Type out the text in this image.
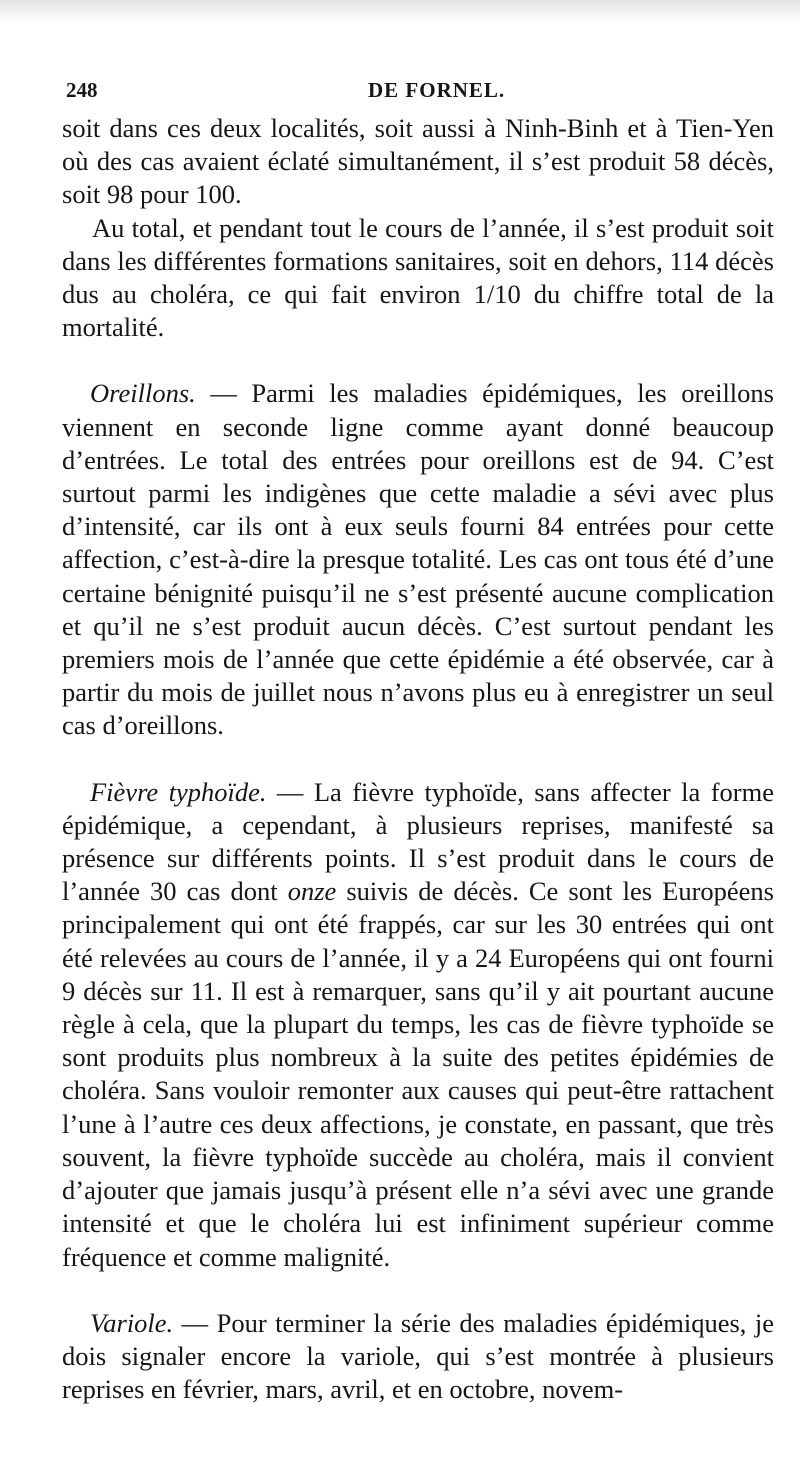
248	DE FORNEL.

soit dans ces deux localités, soit aussi à Ninh-Binh et à Tien-Yen où des cas avaient éclaté simultanément, il s’est produit 58 décès, soit 98 pour 100.

Au total, et pendant tout le cours de l’année, il s’est produit soit dans les différentes formations sanitaires, soit en dehors, 114 décès dus au choléra, ce qui fait environ 1/10 du chiffre total de la mortalité.

Oreillons. — Parmi les maladies épidémiques, les oreillons viennent en seconde ligne comme ayant donné beaucoup d’entrées. Le total des entrées pour oreillons est de 94. C’est surtout parmi les indigènes que cette maladie a sévi avec plus d’intensité, car ils ont à eux seuls fourni 84 entrées pour cette affection, c’est-à-dire la presque totalité. Les cas ont tous été d’une certaine bénignité puisqu’il ne s’est présenté aucune complication et qu’il ne s’est produit aucun décès. C’est surtout pendant les premiers mois de l’année que cette épidémie a été observée, car à partir du mois de juillet nous n’avons plus eu à enregistrer un seul cas d’oreillons.

Fièvre typhoïde. — La fièvre typhoïde, sans affecter la forme épidémique, a cependant, à plusieurs reprises, manifesté sa présence sur différents points. Il s’est produit dans le cours de l’année 30 cas dont onze suivis de décès. Ce sont les Européens principalement qui ont été frappés, car sur les 30 entrées qui ont été relevées au cours de l’année, il y a 24 Européens qui ont fourni 9 décès sur 11. Il est à remarquer, sans qu’il y ait pourtant aucune règle à cela, que la plupart du temps, les cas de fièvre typhoïde se sont produits plus nombreux à la suite des petites épidémies de choléra. Sans vouloir remonter aux causes qui peut-être rattachent l’une à l’autre ces deux affections, je constate, en passant, que très souvent, la fièvre typhoïde succède au choléra, mais il convient d’ajouter que jamais jusqu’à présent elle n’a sévi avec une grande intensité et que le choléra lui est infiniment supérieur comme fréquence et comme malignité.

Variole. — Pour terminer la série des maladies épidémiques, je dois signaler encore la variole, qui s’est montrée à plusieurs reprises en février, mars, avril, et en octobre, novem-
